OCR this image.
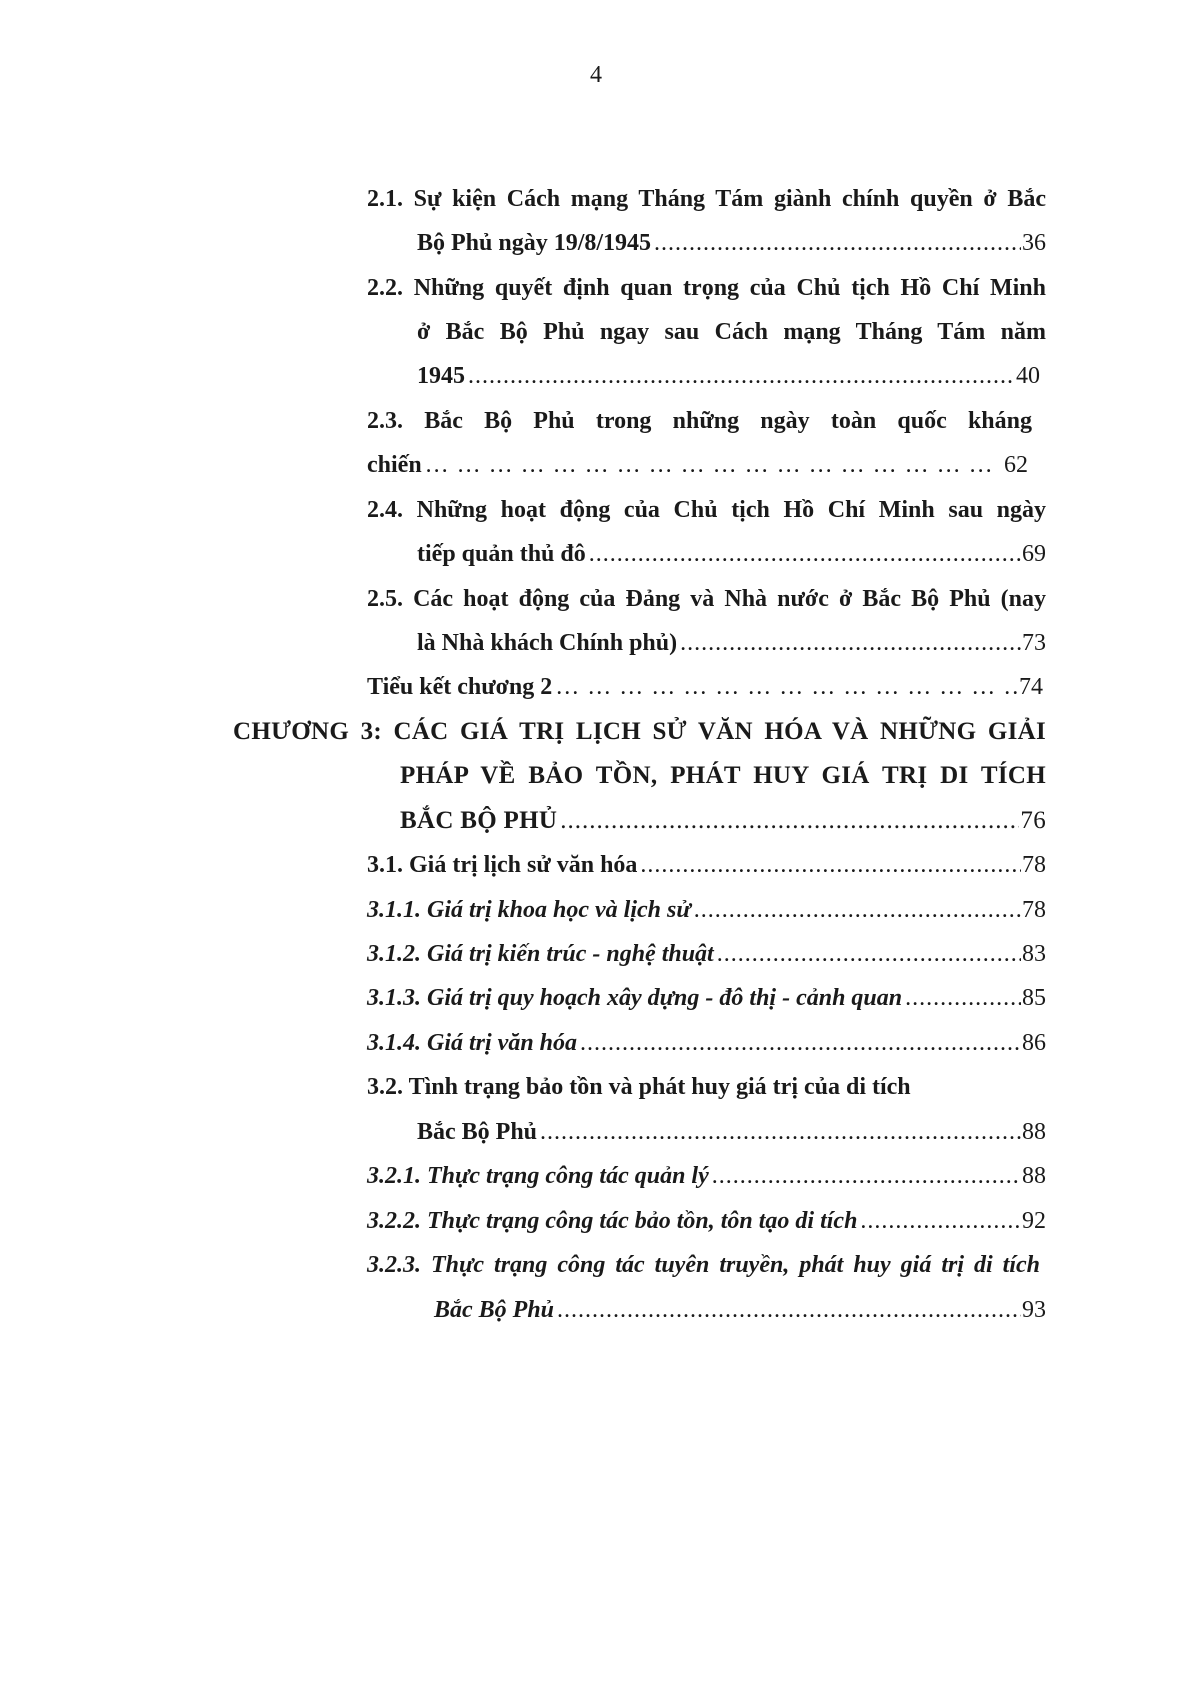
4
2.1. Sự kiện Cách mạng Tháng Tám giành chính quyền ở Bắc
Bộ Phủ ngày 19/8/1945 .....	36
2.2. Những quyết định quan trọng của Chủ tịch Hồ Chí Minh
ở Bắc Bộ Phủ ngay sau Cách mạng Tháng Tám năm
1945 .....	40
2.3. Bắc Bộ Phủ trong những ngày toàn quốc kháng
chiến … … … … … … … … … … … … … … … … … … … … … … … … … … … … … … … … … … … … … … … … … … … … … … … …	62
2.4. Những hoạt động của Chủ tịch Hồ Chí Minh sau ngày
tiếp quản thủ đô .....	69
2.5. Các hoạt động của Đảng và Nhà nước ở Bắc Bộ Phủ (nay
là Nhà khách Chính phủ) .....	73
Tiểu kết chương 2 … … … … … … … … … … … … … … … … … … … … … … … … … … … … … … … … … … … … … … … … … … … … … … … …	74
CHƯƠNG 3: CÁC GIÁ TRỊ LỊCH SỬ VĂN HÓA VÀ NHỮNG GIẢI
PHÁP VỀ BẢO TỒN, PHÁT HUY GIÁ TRỊ DI TÍCH
BẮC BỘ PHỦ .....	76
3.1. Giá trị lịch sử văn hóa .....	78
3.1.1. Giá trị khoa học và lịch sử .....	78
3.1.2. Giá trị kiến trúc - nghệ thuật .....	83
3.1.3. Giá trị quy hoạch xây dựng - đô thị - cảnh quan .....	85
3.1.4. Giá trị văn hóa .....	86
3.2. Tình trạng bảo tồn và phát huy giá trị của di tích
Bắc Bộ Phủ .....	88
3.2.1. Thực trạng công tác quản lý .....	88
3.2.2. Thực trạng công tác bảo tồn, tôn tạo di tích .....	92
3.2.3. Thực trạng công tác tuyên truyền, phát huy giá trị di tích
Bắc Bộ Phủ .....	93
